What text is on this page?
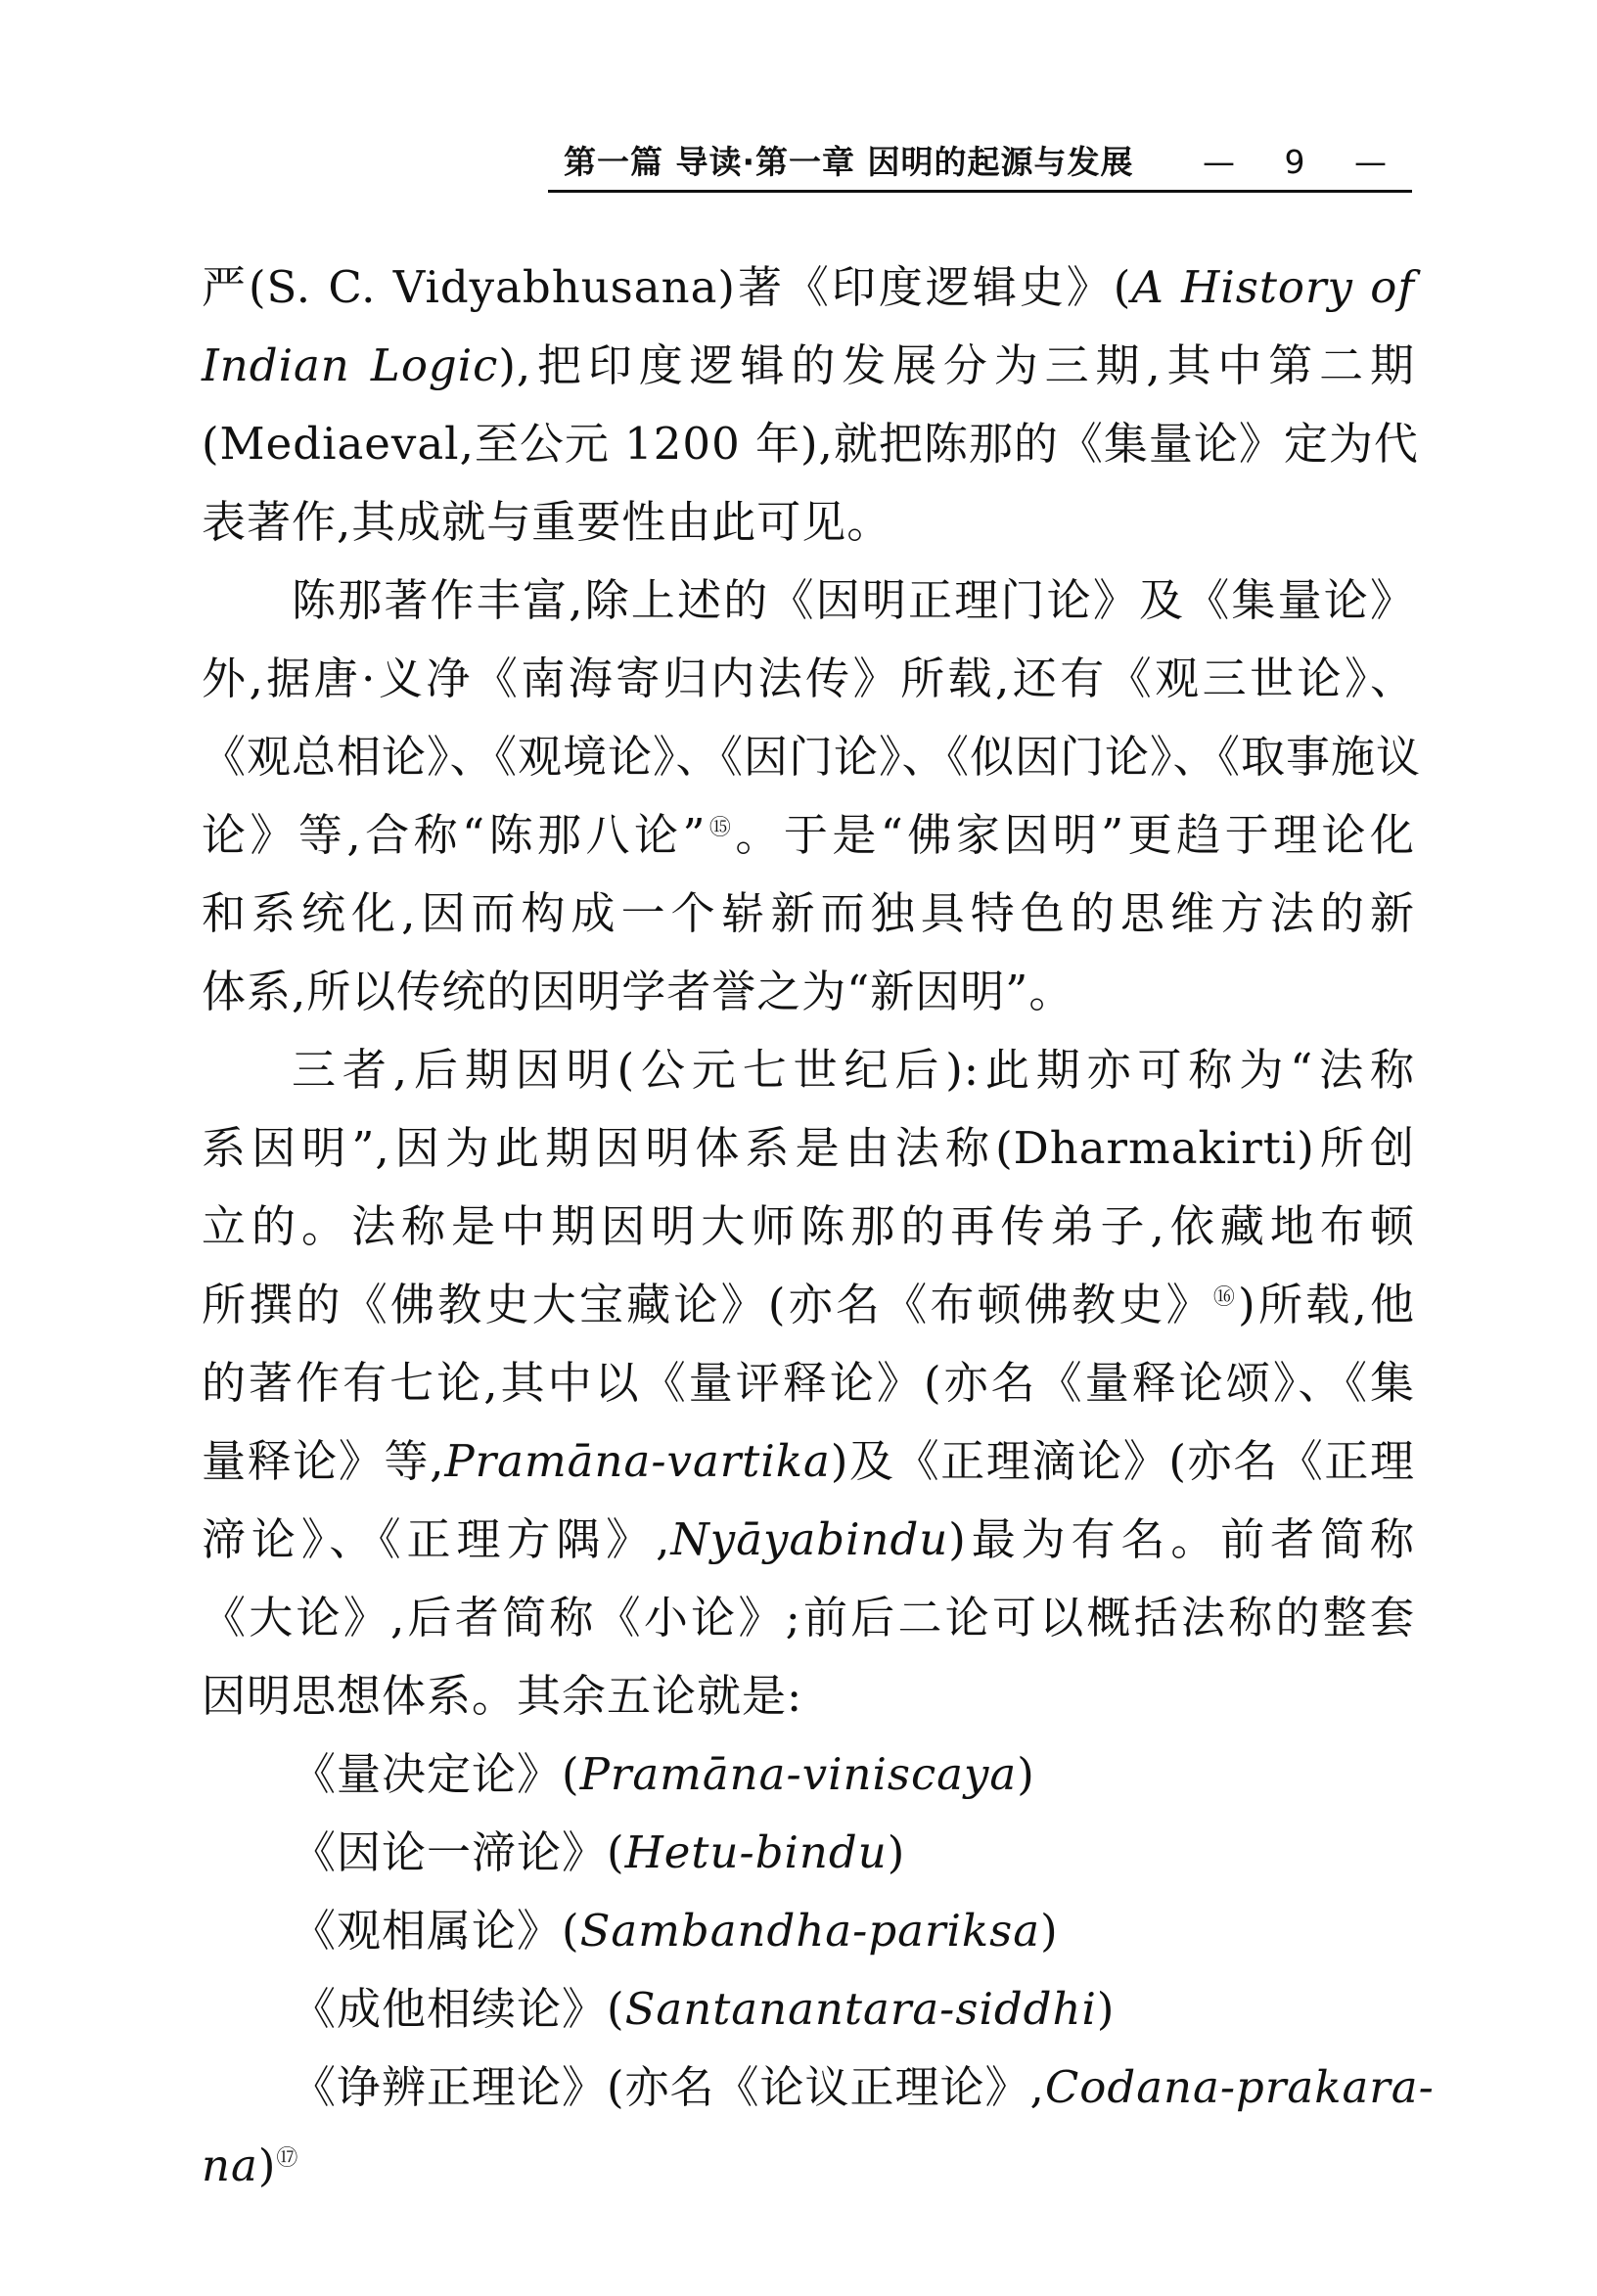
第一篇 导读·第一章 因明的起源与发展 — 9 —
严(S. C. Vidyabhusana)著《印度逻辑史》(A History of
Indian Logic),把印度逻辑的发展分为三期,其中第二期
(Mediaeval,至公元 1200 年),就把陈那的《集量论》定为代
表著作,其成就与重要性由此可见。
陈那著作丰富,除上述的《因明正理门论》及《集量论》
外,据唐·义净《南海寄归内法传》所载,还有《观三世论》、
《观总相论》、《观境论》、《因门论》、《似因门论》、《取事施议
论》等,合称“陈那八论”⑮。于是“佛家因明”更趋于理论化
和系统化,因而构成一个崭新而独具特色的思维方法的新
体系,所以传统的因明学者誉之为“新因明”。
三者,后期因明(公元七世纪后):此期亦可称为“法称
系因明”,因为此期因明体系是由法称(Dharmakirti)所创
立的。法称是中期因明大师陈那的再传弟子,依藏地布顿
所撰的《佛教史大宝藏论》(亦名《布顿佛教史》⑯)所载,他
的著作有七论,其中以《量评释论》(亦名《量释论颂》、《集
量释论》等,Pramāna-vartika)及《正理滴论》(亦名《正理
渧论》、《正理方隅》,Nyāyabindu)最为有名。前者简称
《大论》,后者简称《小论》;前后二论可以概括法称的整套
因明思想体系。其余五论就是:
《量决定论》(Pramāna-viniscaya)
《因论一渧论》(Hetu-bindu)
《观相属论》(Sambandha-pariksa)
《成他相续论》(Santanantara-siddhi)
《诤辨正理论》(亦名《论议正理论》,Codana-prakara-
na)⑰
